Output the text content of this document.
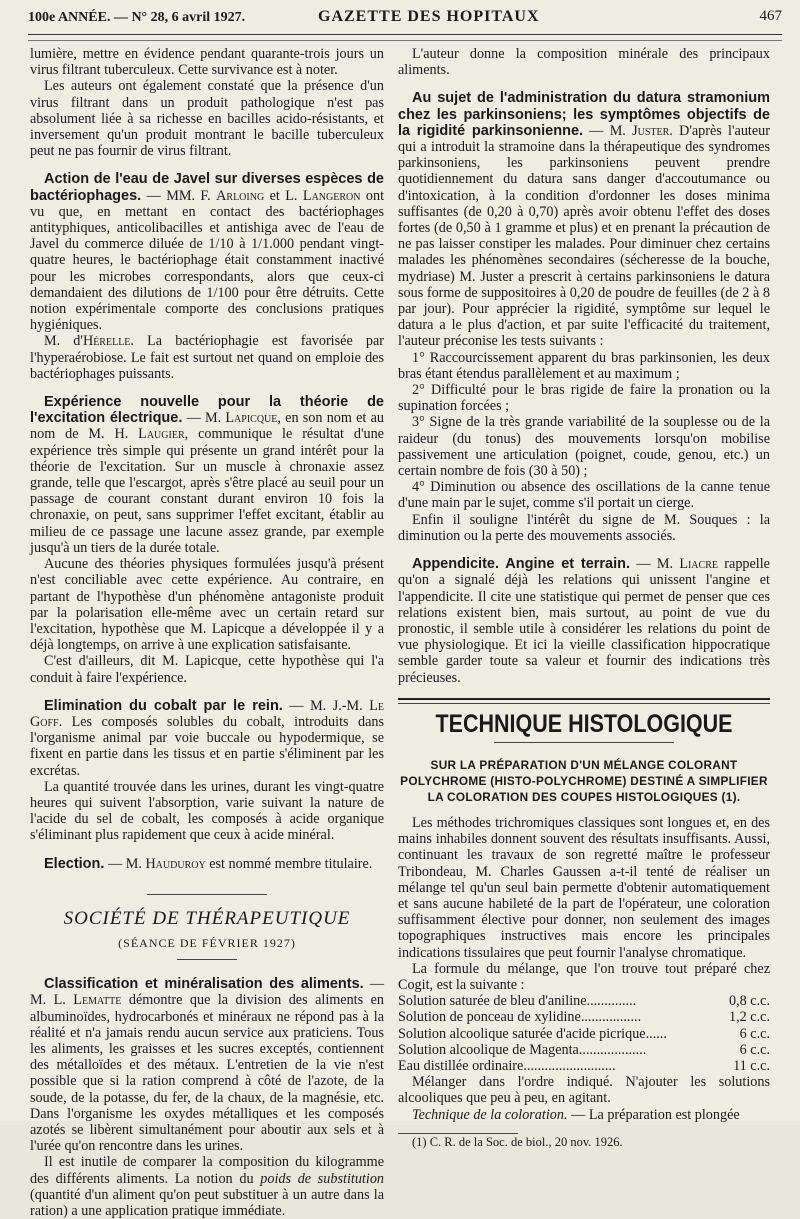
100e ANNÉE. — N° 28, 6 avril 1927.	GAZETTE DES HOPITAUX	467

lumière, mettre en évidence pendant quarante-trois jours un virus filtrant tuberculeux. Cette survivance est à noter.

Les auteurs ont également constaté que la présence d'un virus filtrant dans un produit pathologique n'est pas absolument liée à sa richesse en bacilles acido-résistants, et inversement qu'un produit montrant le bacille tuberculeux peut ne pas fournir de virus filtrant.

Action de l'eau de Javel sur diverses espèces de bactériophages. — MM. F. Arloing et L. Langeron ont vu que, en mettant en contact des bactériophages antityphiques, anticolibacilles et antishiga avec de l'eau de Javel du commerce diluée de 1/10 à 1/1.000 pendant vingt-quatre heures, le bactériophage était constamment inactivé pour les microbes correspondants, alors que ceux-ci demandaient des dilutions de 1/100 pour être détruits. Cette notion expérimentale comporte des conclusions pratiques hygiéniques.

M. d'Hérelle. La bactériophagie est favorisée par l'hyperaérobiose. Le fait est surtout net quand on emploie des bactériophages puissants.

Expérience nouvelle pour la théorie de l'excitation électrique. — M. Lapicque, en son nom et au nom de M. H. Laugier, communique le résultat d'une expérience très simple qui présente un grand intérêt pour la théorie de l'excitation. Sur un muscle à chronaxie assez grande, telle que l'escargot, après s'être placé au seuil pour un passage de courant constant durant environ 10 fois la chronaxie, on peut, sans supprimer l'effet excitant, établir au milieu de ce passage une lacune assez grande, par exemple jusqu'à un tiers de la durée totale.

Aucune des théories physiques formulées jusqu'à présent n'est conciliable avec cette expérience. Au contraire, en partant de l'hypothèse d'un phénomène antagoniste produit par la polarisation elle-même avec un certain retard sur l'excitation, hypothèse que M. Lapicque a développée il y a déjà longtemps, on arrive à une explication satisfaisante.

C'est d'ailleurs, dit M. Lapicque, cette hypothèse qui l'a conduit à faire l'expérience.

Elimination du cobalt par le rein. — M. J.-M. Le Goff. Les composés solubles du cobalt, introduits dans l'organisme animal par voie buccale ou hypodermique, se fixent en partie dans les tissus et en partie s'éliminent par les excrétas.

La quantité trouvée dans les urines, durant les vingt-quatre heures qui suivent l'absorption, varie suivant la nature de l'acide du sel de cobalt, les composés à acide organique s'éliminant plus rapidement que ceux à acide minéral.

Election. — M. Hauduroy est nommé membre titulaire.

SOCIÉTÉ DE THÉRAPEUTIQUE
(SÉANCE DE FÉVRIER 1927)

Classification et minéralisation des aliments. — M. L. Lematte démontre que la division des aliments en albuminoïdes, hydrocarbonés et minéraux ne répond pas à la réalité et n'a jamais rendu aucun service aux praticiens. Tous les aliments, les graisses et les sucres exceptés, contiennent des métalloïdes et des métaux. L'entretien de la vie n'est possible que si la ration comprend à côté de l'azote, de la soude, de la potasse, du fer, de la chaux, de la magnésie, etc. Dans l'organisme les oxydes métalliques et les composés azotés se libèrent simultanément pour aboutir aux sels et à l'urée qu'on rencontre dans les urines.

Il est inutile de comparer la composition du kilogramme des différents aliments. La notion du poids de substitution (quantité d'un aliment qu'on peut substituer à un autre dans la ration) a une application pratique immédiate.

L'auteur donne la composition minérale des principaux aliments.

Au sujet de l'administration du datura stramonium chez les parkinsoniens; les symptômes objectifs de la rigidité parkinsonienne. — M. Juster. D'après l'auteur qui a introduit la stramoine dans la thérapeutique des syndromes parkinsoniens, les parkinsoniens peuvent prendre quotidiennement du datura sans danger d'accoutumance ou d'intoxication, à la condition d'ordonner les doses minima suffisantes (de 0,20 à 0,70) après avoir obtenu l'effet des doses fortes (de 0,50 à 1 gramme et plus) et en prenant la précaution de ne pas laisser constiper les malades. Pour diminuer chez certains malades les phénomènes secondaires (sécheresse de la bouche, mydriase) M. Juster a prescrit à certains parkinsoniens le datura sous forme de suppositoires à 0,20 de poudre de feuilles (de 2 à 8 par jour). Pour apprécier la rigidité, symptôme sur lequel le datura a le plus d'action, et par suite l'efficacité du traitement, l'auteur préconise les tests suivants :

1° Raccourcissement apparent du bras parkinsonien, les deux bras étant étendus parallèlement et au maximum ;

2° Difficulté pour le bras rigide de faire la pronation ou la supination forcées ;

3° Signe de la très grande variabilité de la souplesse ou de la raideur (du tonus) des mouvements lorsqu'on mobilise passivement une articulation (poignet, coude, genou, etc.) un certain nombre de fois (30 à 50) ;

4° Diminution ou absence des oscillations de la canne tenue d'une main par le sujet, comme s'il portait un cierge.

Enfin il souligne l'intérêt du signe de M. Souques : la diminution ou la perte des mouvements associés.

Appendicite. Angine et terrain. — M. Liacre rappelle qu'on a signalé déjà les relations qui unissent l'angine et l'appendicite. Il cite une statistique qui permet de penser que ces relations existent bien, mais surtout, au point de vue du pronostic, il semble utile à considérer les relations du point de vue physiologique. Et ici la vieille classification hippocratique semble garder toute sa valeur et fournir des indications très précieuses.

TECHNIQUE HISTOLOGIQUE
SUR LA PRÉPARATION D'UN MÉLANGE COLORANT POLYCHROME (HISTO-POLYCHROME) DESTINÉ A SIMPLIFIER LA COLORATION DES COUPES HISTOLOGIQUES (1).

Les méthodes trichromiques classiques sont longues et, en des mains inhabiles donnent souvent des résultats insuffisants. Aussi, continuant les travaux de son regretté maître le professeur Tribondeau, M. Charles Gaussen a-t-il tenté de réaliser un mélange tel qu'un seul bain permette d'obtenir automatiquement et sans aucune habileté de la part de l'opérateur, une coloration suffisamment élective pour donner, non seulement des images topographiques instructives mais encore les principales indications tissulaires que peut fournir l'analyse chromatique.

La formule du mélange, que l'on trouve tout préparé chez Cogit, est la suivante :

Solution saturée de bleu d'aniline..............	0,8 c.c.
Solution de ponceau de xylidine.................	1,2 c.c.
Solution alcoolique saturée d'acide picrique......	6 c.c.
Solution alcoolique de Magenta...................	6 c.c.
Eau distillée ordinaire..........................	11 c.c.

Mélanger dans l'ordre indiqué. N'ajouter les solutions alcooliques que peu à peu, en agitant.

Technique de la coloration. — La préparation est plongée

(1) C. R. de la Soc. de biol., 20 nov. 1926.
